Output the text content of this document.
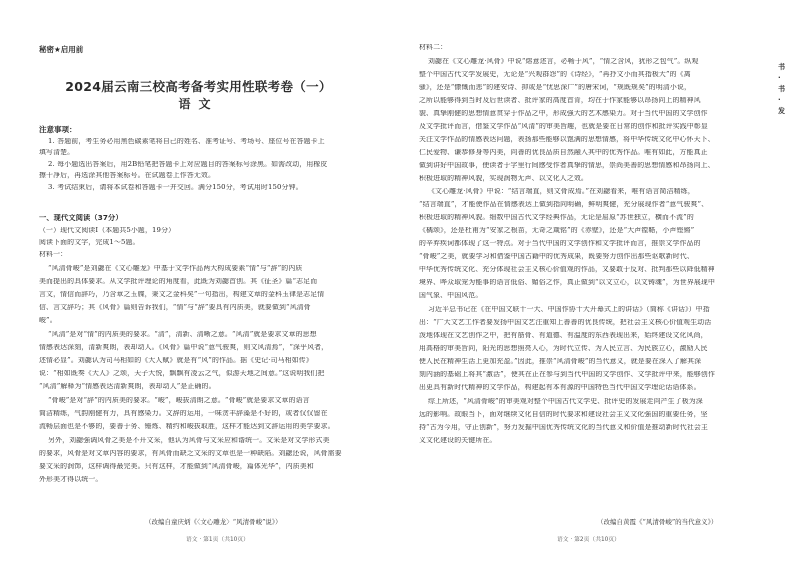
秘密★启用前
2024届云南三校高考备考实用性联考卷（一）
语文
注意事项：
1. 答题前，考生务必用黑色碳素笔将自己的姓名、准考证号、考场号、座位号在答题卡上
填写清楚。
2. 每小题选出答案后，用2B铅笔把答题卡上对应题目的答案标号涂黑。如需改动，用橡皮
擦干净后，再选涂其他答案标号。在试题卷上作答无效。
3. 考试结束后，请将本试卷和答题卡一并交回。满分150分，考试用时150分钟。
一、现代文阅读（37分）
（一）现代文阅读Ⅰ（本题共5小题，19分）
阅读下面的文字，完成1～5题。
材料一：
“风清骨峻”是刘勰在《文心雕龙》中基于文学作品两大构成要素“情”与“辞”的内质
美而提出的具体要求。从文学批评理论的角度看，此既为刘勰首创。其《征圣》篇“志足而
言文，情信而辞巧，乃含章之玉牒，秉文之金科矣”一句指出，构建文章的金科玉律是志足情
信、言文辞巧；其《风骨》篇则告诉我们，“情”与“辞”要具有内质美，就要做到“风清骨
峻”。
“风清”是对“情”的内质美的要求。“清”，清新、清晰之意。“风清”就是要求文章的思想
情感表达深刻，清新爽朗，表却动人。《风骨》篇中说“意气骏爽，则文风清焉”，“深乎风者，
述情必显”。刘勰认为司马相如的《大人赋》就是有“风”的作品。据《史记·司马相如传》
说：“相如既奏《大人》之颂，天子大悦，飘飘有凌云之气，似游天地之间意。”这说明我们把
“风清”解释为“情感表达清新爽朗，表却动人”是正确的。
“骨峻”是对“辞”的内质美的要求。“峻”，峻拔清朗之意。“骨峻”就是要求文章的语言
简洁精练，气韵刚健有力，具有感染力。文辞的运用，一味贪丰辞藻是不好的，或者仅仅留在
流畅层面也是不够的，要善于务、锤炼、精约和峻拔取胜，这样才能达到文辞运用的美学要求。
另外，刘勰强调风骨之美是不开文采，他认为风骨与文采应和谐统一。文采是对文学形式美
的要求，风骨是对文章内容的要求，有风骨而缺乏文采的文章也是一种缺陷。刘勰还说，风骨需要
要文采的润饰，这样调得最完美。只有这样，才能做到“风清骨峻，篇体光华”，内质美和
外形美才得以统一。
（改编自童庆炳《〈文心雕龙〉“风清骨峻”说》）
语文 · 第1页（共10页）
材料二：
刘勰在《文心雕龙·风骨》中说“熔意述言，必畅于风”，“情之含风，犹形之包气”。纵观
整个中国古代文学发展史，无论是“兴观群怨”的《诗经》，“再抒文小而其指极大”的《离
骚》，还是“慷慨而悲”的建安诗、抑或是“忧思深广”的唐宋词，“规既规矣”的明清小说，
之所以能够得到当时及后世读者、批评家的高度首肯，均在于作家能够以昂扬向上的精神风
貌、真挚刚健的思想情意贯穿于作品之中，形成强大的艺术感染力。对于当代中国的文学创作
及文学批评而言，借鉴文学作品“风清”的审美旨趣，也就是要在日常的创作和批评实践中彰显
关注文学作品的情感表达问题，表扬那些能够以饱满的思想情感，将中华传统文化中心怀天下、
仁民爱物、谦恭修身等内美，向善的优良品质自然融入其中的优秀作品。唯有如此，方能真正
做到讲好中国故事，使读者于字里行间感受作者真挚的情思，崇尚美善的思想情感和昂扬向上、
积极进取的精神风貌，实现润物无声、以文化人之效。
《文心雕龙·风骨》中说：“结言端直，则文骨成焉。”在刘勰看来，唯有语言简洁精练，
“结言端直”，才能使作品在情感表达上做到指向明确，鲜明爽健，充分展现作者“意气骏爽”、
积极进取的精神风貌。细数中国古代文学经典作品，无论是屈原“苏世独立，横而不流”的
《橘颂》，还是杜甫为“安家之根苗，无奇之箴铭”的《赤壁》，还是“大声镗鞳，小声铿锵”
的辛弃疾词都体现了这一特点。对于当代中国的文学创作和文学批评而言，推崇文学作品的
“骨峻”之美，就要学习和借鉴中国古籍中的优秀成果，既要努力创作出那些讴歌新时代、
中华优秀传统文化、充分体现社会主义核心价值观的作品，又要敢于反对、批判那些以降低精神
境界、哗众取宠为能事的语言低俗、媚俗之作，真正做到“以文立心，以文铸魂”，为世界展现中
国气象、中国风范。
习近平总书记在《在中国文联十一大、中国作协十大开幕式上的讲话》（简称《讲话》）中指
出：“广大文艺工作者要发扬中国文艺注重知上善善的优良传统，把社会主义核心价值观生动活
泼地体现在文艺创作之中，把有筋骨、有道德、有温度的东西表现出来，始终建设文化风尚，
用高格的审美旨向，阳光的思想照亮人心，为时代立传、为人民立言、为民族立心，激励人民
使人民在精神生活上更加充盈。”因此，推崇“风清骨峻”的当代意义，就是要在深入了解其深
刻内涵的基础上将其“激活”，使其在正在参与到当代中国的文学创作、文学批评中来，能够创作
出更具有新时代精神的文学作品，构建起有本有源的中国特色当代中国文学理论话语体系。
综上所述，“风清骨峻”的审美观对整个中国古代文学史、批评史的发展走向产生了极为深
远的影响。故眼当下，面对继续文化自信的时代要求和建设社会主义文化强国的重要任务，坚
持“古为今用，守正创新”，努力发掘中国优秀传统文化的当代意义和价值是推动新时代社会主
义文化建设的关键所在。
（改编自黄霞《“风清骨峻”的当代意义》）
语文 · 第2页（共10页）
书 · 书 · 发
